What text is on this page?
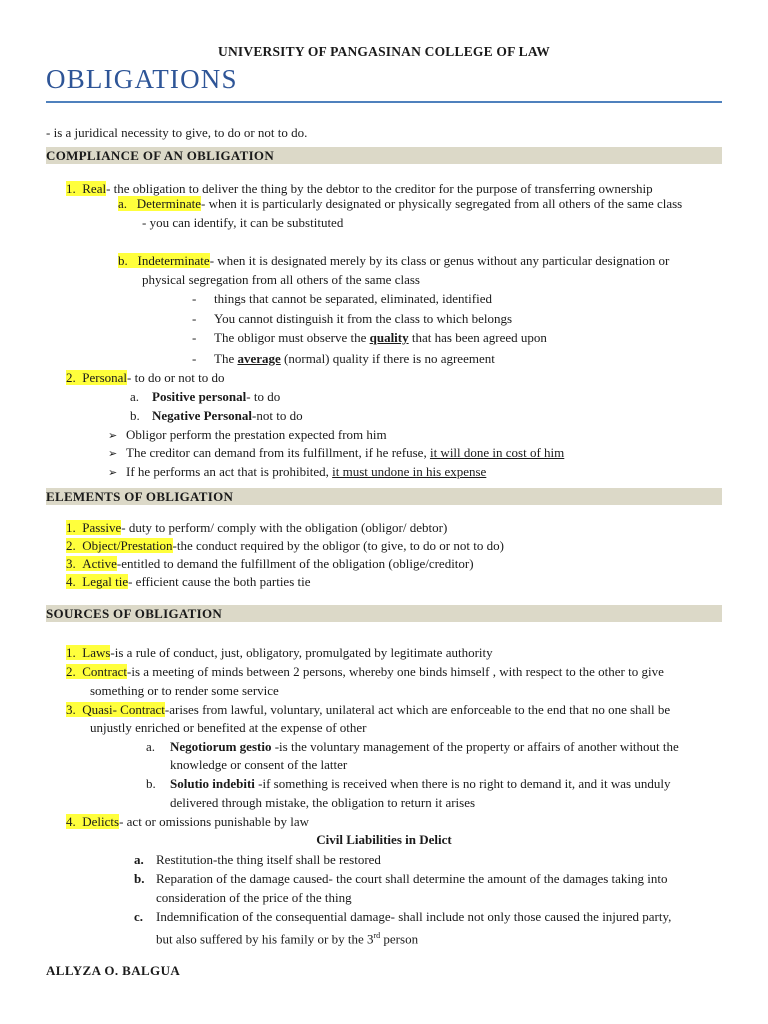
UNIVERSITY OF PANGASINAN COLLEGE OF LAW
OBLIGATIONS
- is a juridical necessity to give, to do or not to do.
COMPLIANCE OF AN OBLIGATION
1. Real- the obligation to deliver the thing by the debtor to the creditor for the purpose of transferring ownership
a. Determinate- when it is particularly designated or physically segregated from all others of the same class
- you can identify, it can be substituted
b. Indeterminate- when it is designated merely by its class or genus without any particular designation or
physical segregation from all others of the same class
- things that cannot be separated, eliminated, identified
- You cannot distinguish it from the class to which belongs
- The obligor must observe the quality that has been agreed upon
- The average (normal) quality if there is no agreement
2. Personal- to do or not to do
a. Positive personal- to do
b. Negative Personal-not to do
➢ Obligor perform the prestation expected from him
➢ The creditor can demand from its fulfillment, if he refuse, it will done in cost of him
➢ If he performs an act that is prohibited, it must undone in his expense
ELEMENTS OF OBLIGATION
1. Passive- duty to perform/ comply with the obligation (obligor/ debtor)
2. Object/Prestation-the conduct required by the obligor (to give, to do or not to do)
3. Active-entitled to demand the fulfillment of the obligation (oblige/creditor)
4. Legal tie- efficient cause the both parties tie
SOURCES OF OBLIGATION
1. Laws-is a rule of conduct, just, obligatory, promulgated by legitimate authority
2. Contract-is a meeting of minds between 2 persons, whereby one binds himself , with respect to the other to give
something or to render some service
3. Quasi- Contract-arises from lawful, voluntary, unilateral act which are enforceable to the end that no one shall be
unjustly enriched or benefited at the expense of other
a. Negotiorum gestio -is the voluntary management of the property or affairs of another without the
knowledge or consent of the latter
b. Solutio indebiti -if something is received when there is no right to demand it, and it was unduly
delivered through mistake, the obligation to return it arises
4. Delicts- act or omissions punishable by law
Civil Liabilities in Delict
a. Restitution-the thing itself shall be restored
b. Reparation of the damage caused- the court shall determine the amount of the damages taking into
consideration of the price of the thing
c. Indemnification of the consequential damage- shall include not only those caused the injured party,
but also suffered by his family or by the 3rd person
ALLYZA O. BALGUA
